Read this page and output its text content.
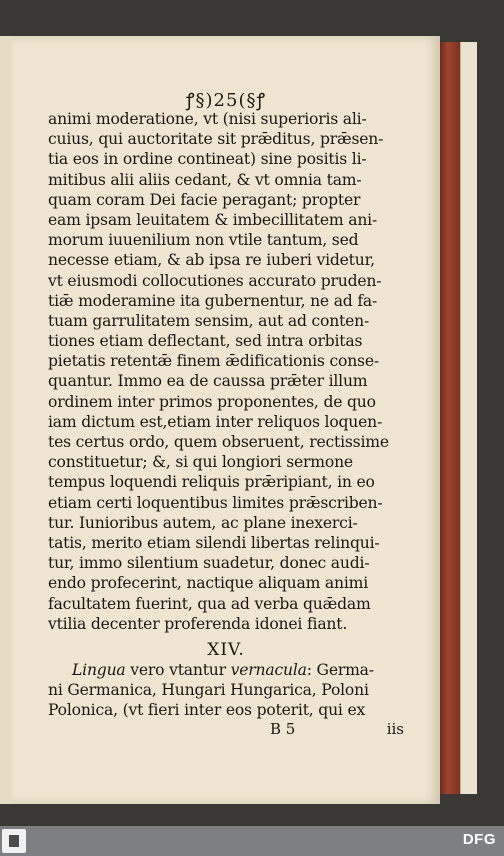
ꝭ§)25(§ꝭ
animi moderatione, vt (nisi superioris ali-
cuius, qui auctoritate sit prǣditus, prǣsen-
tia eos in ordine contineat) sine positis li-
mitibus alii aliis cedant, & vt omnia tam-
quam coram Dei facie peragant; propter
eam ipsam leuitatem & imbecillitatem ani-
morum iuuenilium non vtile tantum, sed
necesse etiam, & ab ipsa re iuberi videtur,
vt eiusmodi collocutiones accurato pruden-
tiǣ moderamine ita gubernentur, ne ad fa-
tuam garrulitatem sensim, aut ad conten-
tiones etiam deflectant, sed intra orbitas
pietatis retentǣ finem ǣdificationis conse-
quantur. Immo ea de caussa prǣter illum
ordinem inter primos proponentes, de quo
iam dictum est,etiam inter reliquos loquen-
tes certus ordo, quem obseruent, rectissime
constituetur; &, si qui longiori sermone
tempus loquendi reliquis prǣripiant, in eo
etiam certi loquentibus limites prǣscriben-
tur. Iunioribus autem, ac plane inexerci-
tatis, merito etiam silendi libertas relinqui-
tur, immo silentium suadetur, donec audi-
endo profecerint, nactique aliquam animi
facultatem fuerint, qua ad verba quǣdam
vtilia decenter proferenda idonei fiant.
XIV.
Lingua vero vtantur vernacula: Germa-
ni Germanica, Hungari Hungarica, Poloni
Polonica, (vt fieri inter eos poterit, qui ex
B 5	iis
DFG
